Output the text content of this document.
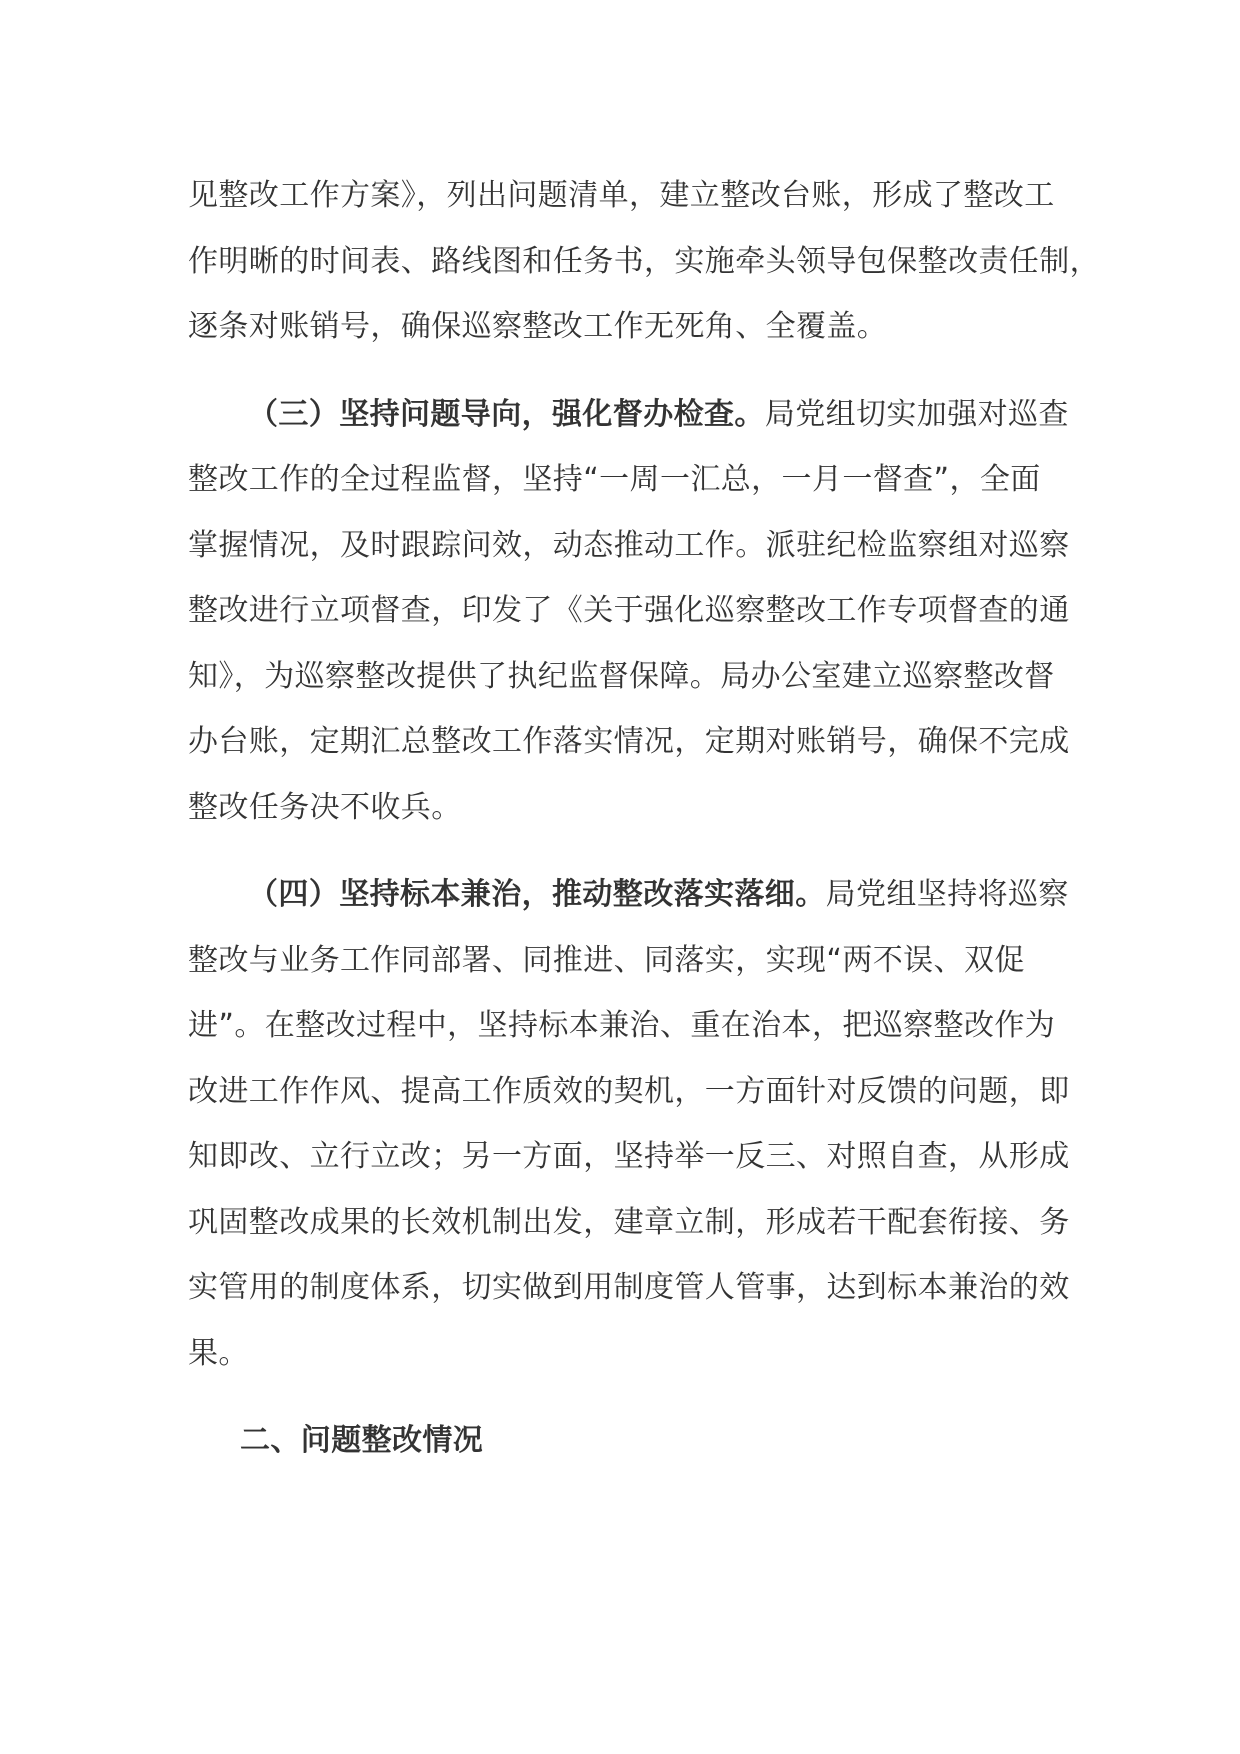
见整改工作方案》，列出问题清单，建立整改台账，形成了整改工
作明晰的时间表、路线图和任务书，实施牵头领导包保整改责任制，
逐条对账销号，确保巡察整改工作无死角、全覆盖。

（三）坚持问题导向，强化督办检查。局党组切实加强对巡查
整改工作的全过程监督，坚持“一周一汇总，一月一督查”，全面
掌握情况，及时跟踪问效，动态推动工作。派驻纪检监察组对巡察
整改进行立项督查，印发了《关于强化巡察整改工作专项督查的通
知》，为巡察整改提供了执纪监督保障。局办公室建立巡察整改督
办台账，定期汇总整改工作落实情况，定期对账销号，确保不完成
整改任务决不收兵。

（四）坚持标本兼治，推动整改落实落细。局党组坚持将巡察
整改与业务工作同部署、同推进、同落实，实现“两不误、双促
进”。在整改过程中，坚持标本兼治、重在治本，把巡察整改作为
改进工作作风、提高工作质效的契机，一方面针对反馈的问题，即
知即改、立行立改；另一方面，坚持举一反三、对照自查，从形成
巩固整改成果的长效机制出发，建章立制，形成若干配套衔接、务
实管用的制度体系，切实做到用制度管人管事，达到标本兼治的效
果。

二、问题整改情况
